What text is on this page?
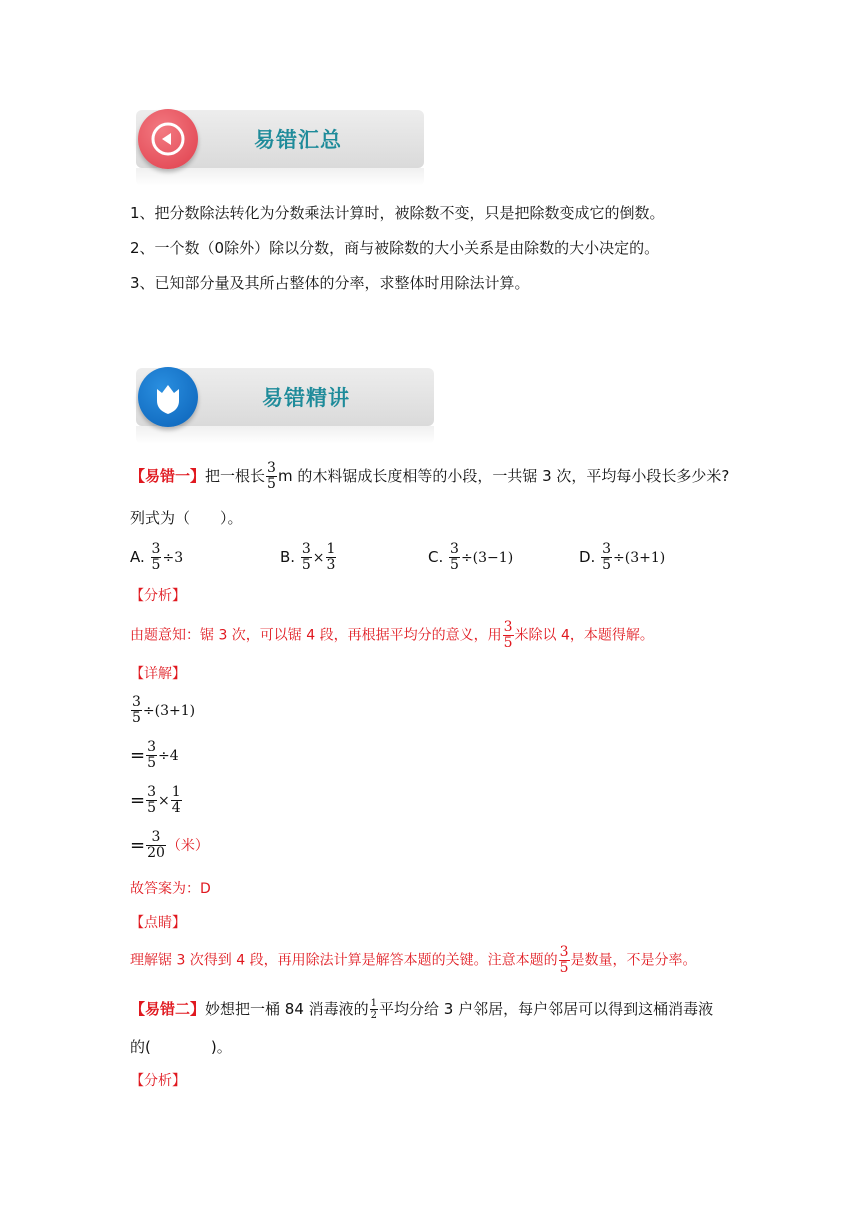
易错汇总
1、把分数除法转化为分数乘法计算时，被除数不变，只是把除数变成它的倒数。
2、一个数（0除外）除以分数，商与被除数的大小关系是由除数的大小决定的。
3、已知部分量及其所占整体的分率，求整体时用除法计算。
易错精讲
【易错一】把一根长 $\frac{3}{5}$ m 的木料锯成长度相等的小段，一共锯 3 次，平均每小段长多少米?
列式为（　　）。
A. $\frac{3}{5} \div 3$	B. $\frac{3}{5} \times \frac{1}{3}$	C. $\frac{3}{5} \div(3-1)$	D. $\frac{3}{5} \div(3+1)$
【分析】
由题意知：锯 3 次，可以锯 4 段，再根据平均分的意义，用 $\frac{3}{5}$ 米除以 4，本题得解。
【详解】
$\frac{3}{5} \div(3+1)$
= $\frac{3}{5} \div 4$
= $\frac{3}{5} \times \frac{1}{4}$
= $\frac{3}{20}$ （米）
故答案为：D
【点睛】
理解锯 3 次得到 4 段，再用除法计算是解答本题的关键。注意本题的 $\frac{3}{5}$ 是数量，不是分率。
【易错二】妙想把一桶 84 消毒液的 $\frac{1}{2}$ 平均分给 3 户邻居，每户邻居可以得到这桶消毒液
的(　　　　)。
【分析】
